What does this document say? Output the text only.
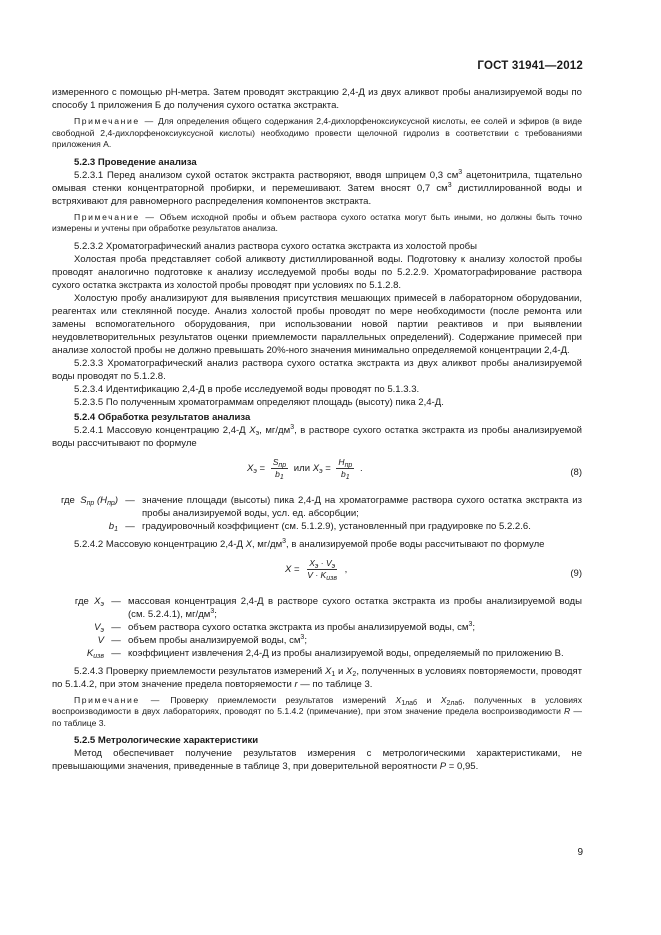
ГОСТ 31941—2012

измеренного с помощью pH-метра. Затем проводят экстракцию 2,4-Д из двух аликвот пробы анализируемой воды по способу 1 приложения Б до получения сухого остатка экстракта.

Примечание — Для определения общего содержания 2,4-дихлорфеноксиуксусной кислоты, ее солей и эфиров (в виде свободной 2,4-дихлорфеноксиуксусной кислоты) необходимо провести щелочной гидролиз в соответствии с требованиями приложения А.

5.2.3 Проведение анализа

5.2.3.1 Перед анализом сухой остаток экстракта растворяют, вводя шприцем 0,3 $см^3$ ацетонитрила, тщательно омывая стенки концентраторной пробирки, и перемешивают. Затем вносят 0,7 $см^3$ дистиллированной воды и встряхивают для равномерного распределения компонентов экстракта.

Примечание — Объем исходной пробы и объем раствора сухого остатка могут быть иными, но должны быть точно измерены и учтены при обработке результатов анализа.

5.2.3.2 Хроматографический анализ раствора сухого остатка экстракта из холостой пробы

Холостая проба представляет собой аликвоту дистиллированной воды. Подготовку к анализу холостой пробы проводят аналогично подготовке к анализу исследуемой пробы воды по 5.2.2.9. Хроматографирование раствора сухого остатка экстракта из холостой пробы проводят при условиях по 5.1.2.8.

Холостую пробу анализируют для выявления присутствия мешающих примесей в лабораторном оборудовании, реагентах или стеклянной посуде. Анализ холостой пробы проводят по мере необходимости (после ремонта или замены вспомогательного оборудования, при использовании новой партии реактивов и при выявлении неудовлетворительных результатов оценки приемлемости параллельных определений). Содержание примесей при анализе холостой пробы не должно превышать 20%-ного значения минимально определяемой концентрации 2,4-Д.

5.2.3.3 Хроматографический анализ раствора сухого остатка экстракта из двух аликвот пробы анализируемой воды проводят по 5.1.2.8.

5.2.3.4 Идентификацию 2,4-Д в пробе исследуемой воды проводят по 5.1.3.3.

5.2.3.5 По полученным хроматограммам определяют площадь (высоту) пика 2,4-Д.

5.2.4 Обработка результатов анализа

5.2.4.1 Массовую концентрацию 2,4-Д $X_э$, $мг/дм^3$, в растворе сухого остатка экстракта из пробы анализируемой воды рассчитывают по формуле

$X_э = \frac{S_{пр}}{b_1}$ или $X_э = \frac{H_{пр}}{b_1}$ .	(8)
где $S_{пр}$ $(H_{пр})$ — значение площади (высоты) пика 2,4-Д на хроматограмме раствора сухого остатка экстракта из пробы анализируемой воды, усл. ед. абсорбции;
$b_1$ — градуировочный коэффициент (см. 5.1.2.9), установленный при градуировке по 5.2.2.6.

5.2.4.2 Массовую концентрацию 2,4-Д X, $мг/дм^3$, в анализируемой пробе воды рассчитывают по формуле

$X = \frac{X_э \cdot V_э}{V \cdot K_{изв}}$ ,	(9)
где $X_э$ — массовая концентрация 2,4-Д в растворе сухого остатка экстракта из пробы анализируемой воды (см. 5.2.4.1), $мг/дм^3$;
$V_э$ — объем раствора сухого остатка экстракта из пробы анализируемой воды, $см^3$;
V — объем пробы анализируемой воды, $см^3$;
$K_{изв}$ — коэффициент извлечения 2,4-Д из пробы анализируемой воды, определяемый по приложению В.

5.2.4.3 Проверку приемлемости результатов измерений $X_1$ и $X_2$, полученных в условиях повторяемости, проводят по 5.1.4.2, при этом значение предела повторяемости r — по таблице 3.

Примечание — Проверку приемлемости результатов измерений $X_{1лаб}$ и $X_{2лаб}$, полученных в условиях воспроизводимости в двух лабораториях, проводят по 5.1.4.2 (примечание), при этом значение предела воспроизводимости R — по таблице 3.

5.2.5 Метрологические характеристики

Метод обеспечивает получение результатов измерения с метрологическими характеристиками, не превышающими значения, приведенные в таблице 3, при доверительной вероятности P = 0,95.

9
